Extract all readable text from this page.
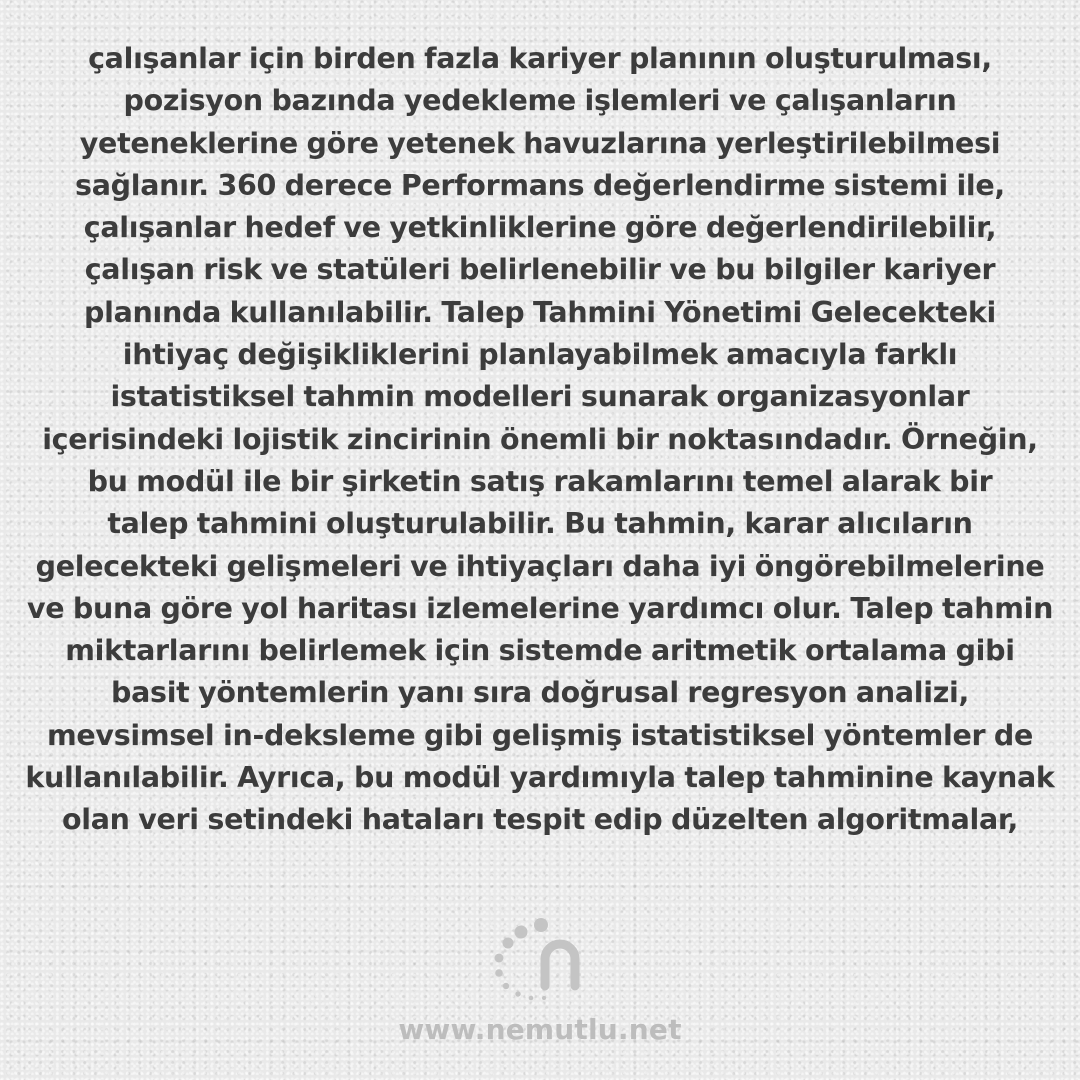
çalışanlar için birden fazla kariyer planının oluşturulması,
pozisyon bazında yedekleme işlemleri ve çalışanların
yeteneklerine göre yetenek havuzlarına yerleştirilebilmesi
sağlanır. 360 derece Performans değerlendirme sistemi ile,
çalışanlar hedef ve yetkinliklerine göre değerlendirilebilir,
çalışan risk ve statüleri belirlenebilir ve bu bilgiler kariyer
planında kullanılabilir. Talep Tahmini Yönetimi Gelecekteki
ihtiyaç değişikliklerini planlayabilmek amacıyla farklı
istatistiksel tahmin modelleri sunarak organizasyonlar
içerisindeki lojistik zincirinin önemli bir noktasındadır. Örneğin,
bu modül ile bir şirketin satış rakamlarını temel alarak bir
talep tahmini oluşturulabilir. Bu tahmin, karar alıcıların
gelecekteki gelişmeleri ve ihtiyaçları daha iyi öngörebilmelerine
ve buna göre yol haritası izlemelerine yardımcı olur. Talep tahmin
miktarlarını belirlemek için sistemde aritmetik ortalama gibi
basit yöntemlerin yanı sıra doğrusal regresyon analizi,
mevsimsel in-deksleme gibi gelişmiş istatistiksel yöntemler de
kullanılabilir. Ayrıca, bu modül yardımıyla talep tahminine kaynak
olan veri setindeki hataları tespit edip düzelten algoritmalar,
www.nemutlu.net
